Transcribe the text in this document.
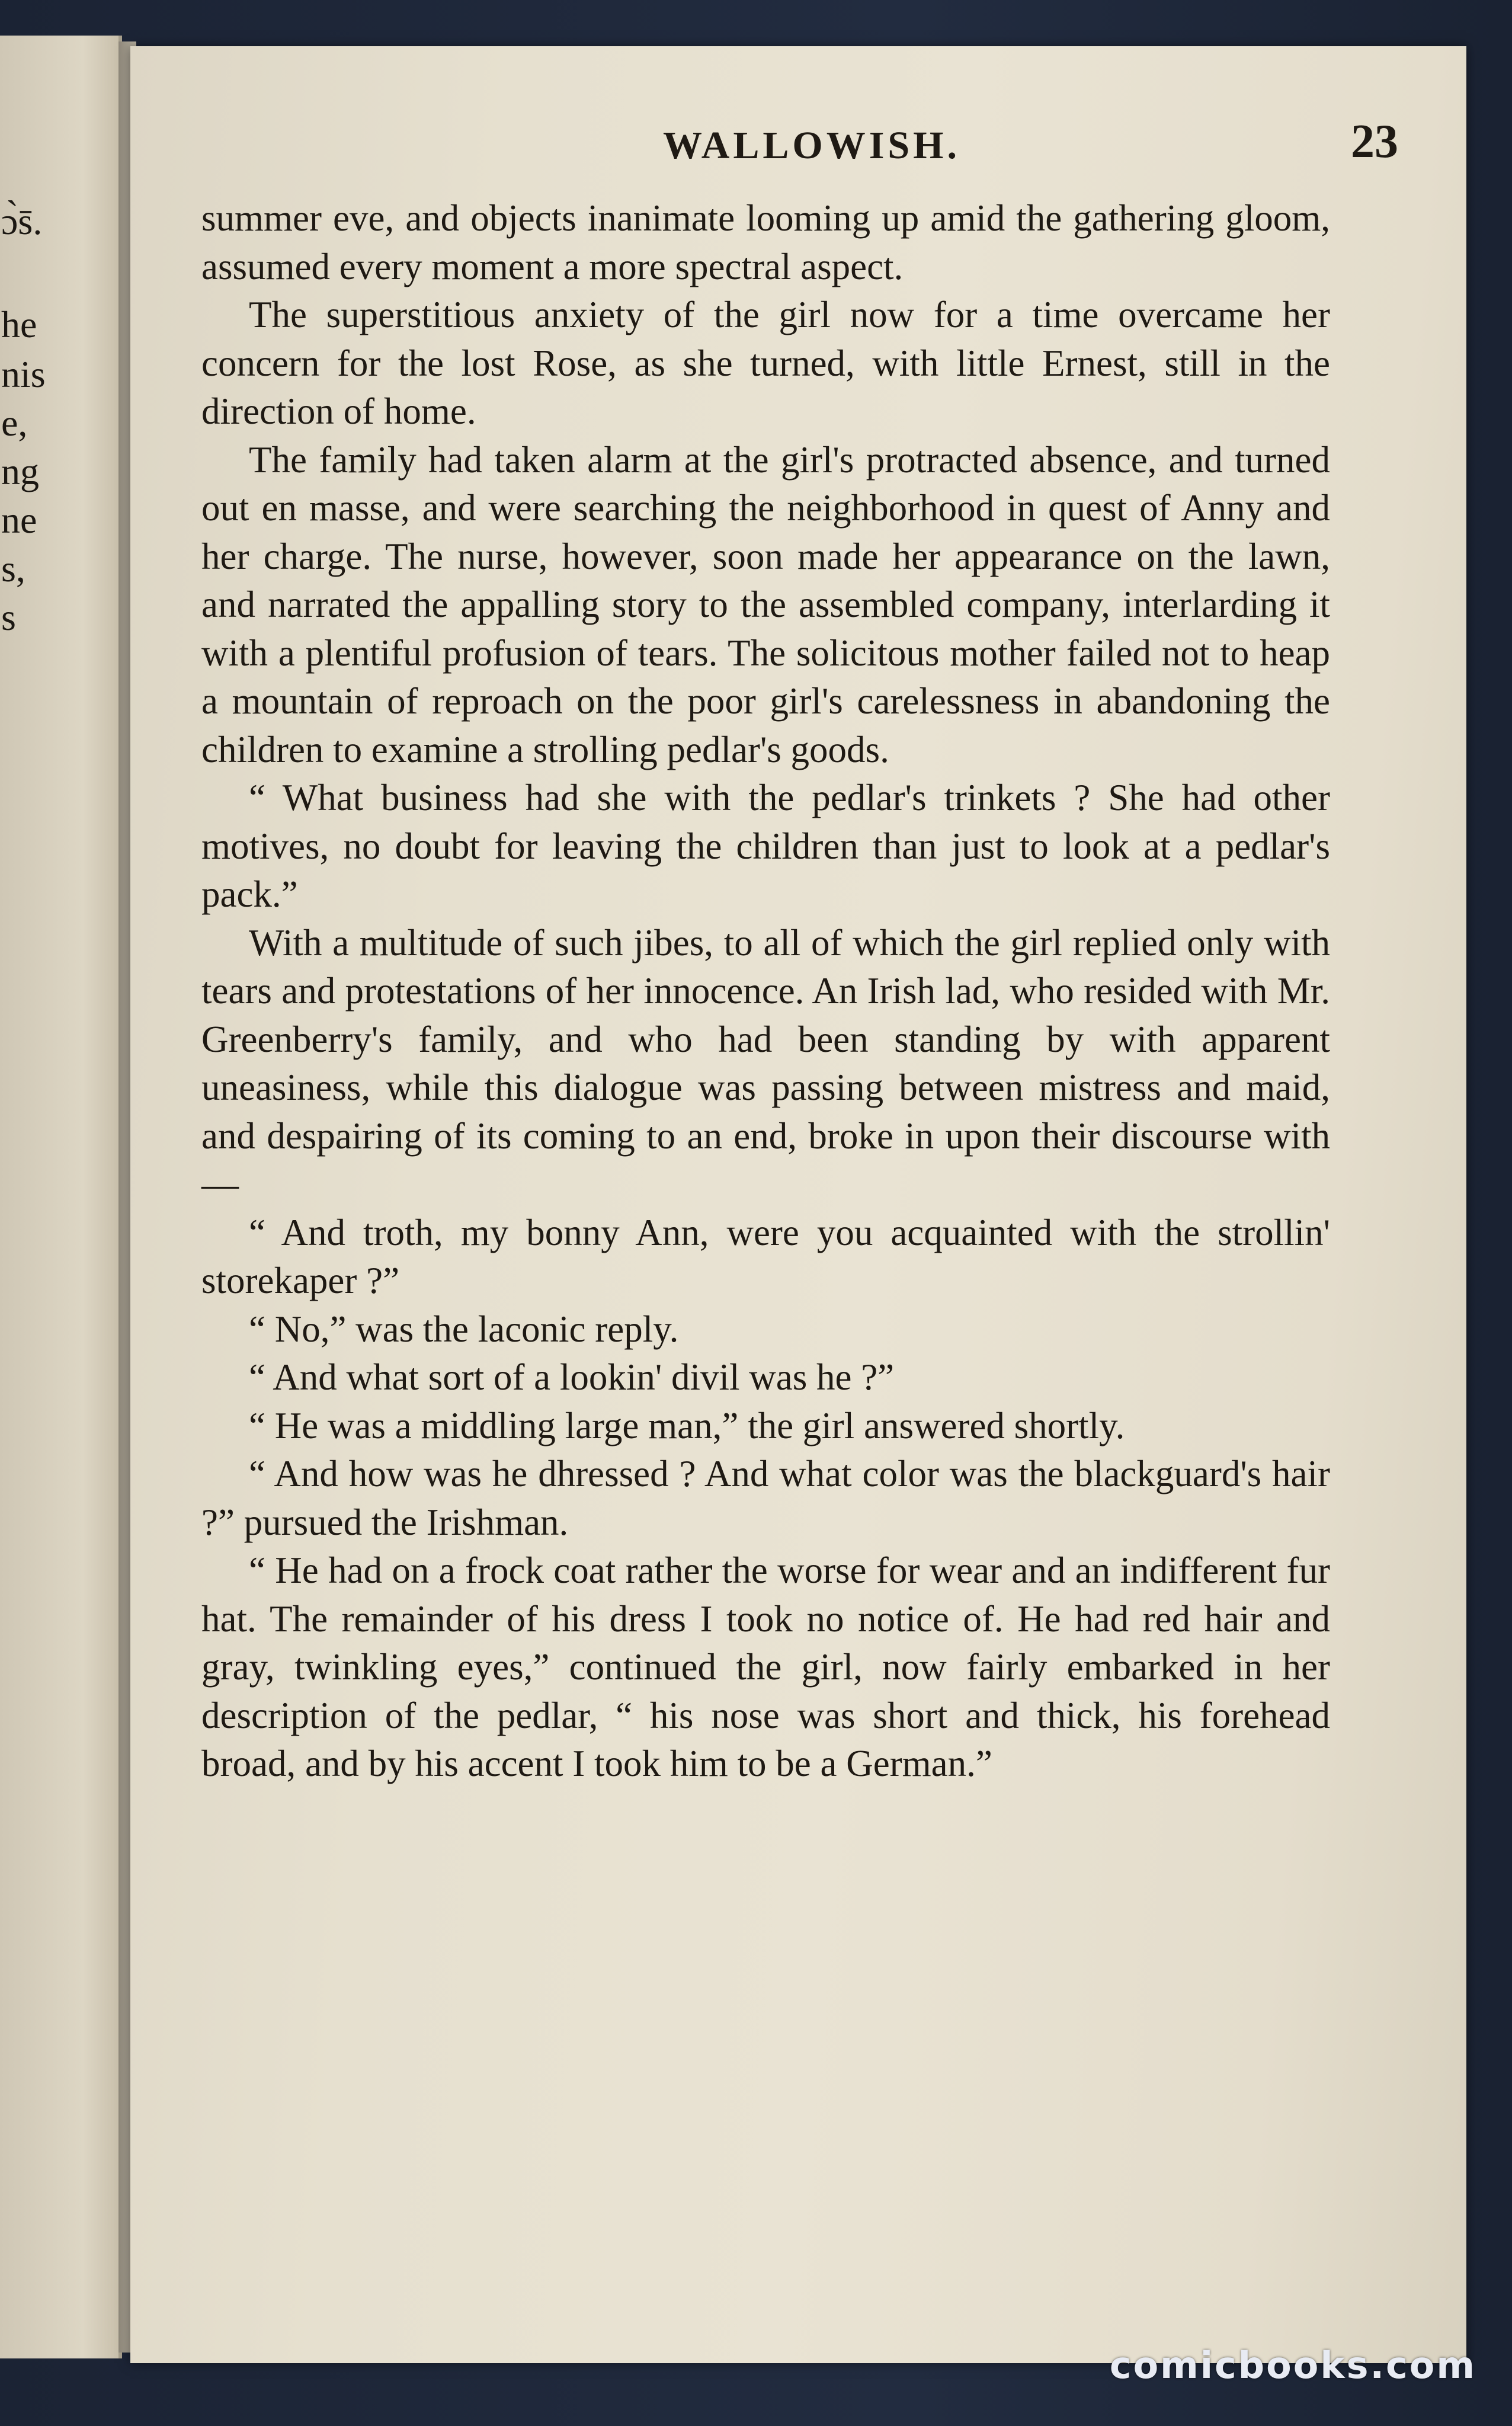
ɔ̀s̄.
he
nis
e,
ng
ne
s,
s
WALLOWISH.	23

summer eve, and objects inanimate looming up amid the gathering gloom, assumed every moment a more spectral aspect.

The superstitious anxiety of the girl now for a time overcame her concern for the lost Rose, as she turned, with little Ernest, still in the direction of home.

The family had taken alarm at the girl's protracted absence, and turned out en masse, and were searching the neighborhood in quest of Anny and her charge. The nurse, however, soon made her appearance on the lawn, and narrated the appalling story to the assembled company, interlarding it with a plentiful profusion of tears. The solicitous mother failed not to heap a mountain of reproach on the poor girl's carelessness in abandoning the children to examine a strolling pedlar's goods.

“ What business had she with the pedlar's trinkets ? She had other motives, no doubt for leaving the children than just to look at a pedlar's pack.”

With a multitude of such jibes, to all of which the girl replied only with tears and protestations of her innocence. An Irish lad, who resided with Mr. Greenberry's family, and who had been standing by with apparent uneasiness, while this dialogue was passing between mistress and maid, and despairing of its coming to an end, broke in upon their discourse with—

“ And troth, my bonny Ann, were you acquainted with the strollin' storekaper ?”

“ No,” was the laconic reply.

“ And what sort of a lookin' divil was he ?”

“ He was a middling large man,” the girl answered shortly.

“ And how was he dhressed ? And what color was the blackguard's hair ?” pursued the Irishman.

“ He had on a frock coat rather the worse for wear and an indifferent fur hat. The remainder of his dress I took no notice of. He had red hair and gray, twinkling eyes,” continued the girl, now fairly embarked in her description of the pedlar, “ his nose was short and thick, his forehead broad, and by his accent I took him to be a German.”

comicbooks.com
